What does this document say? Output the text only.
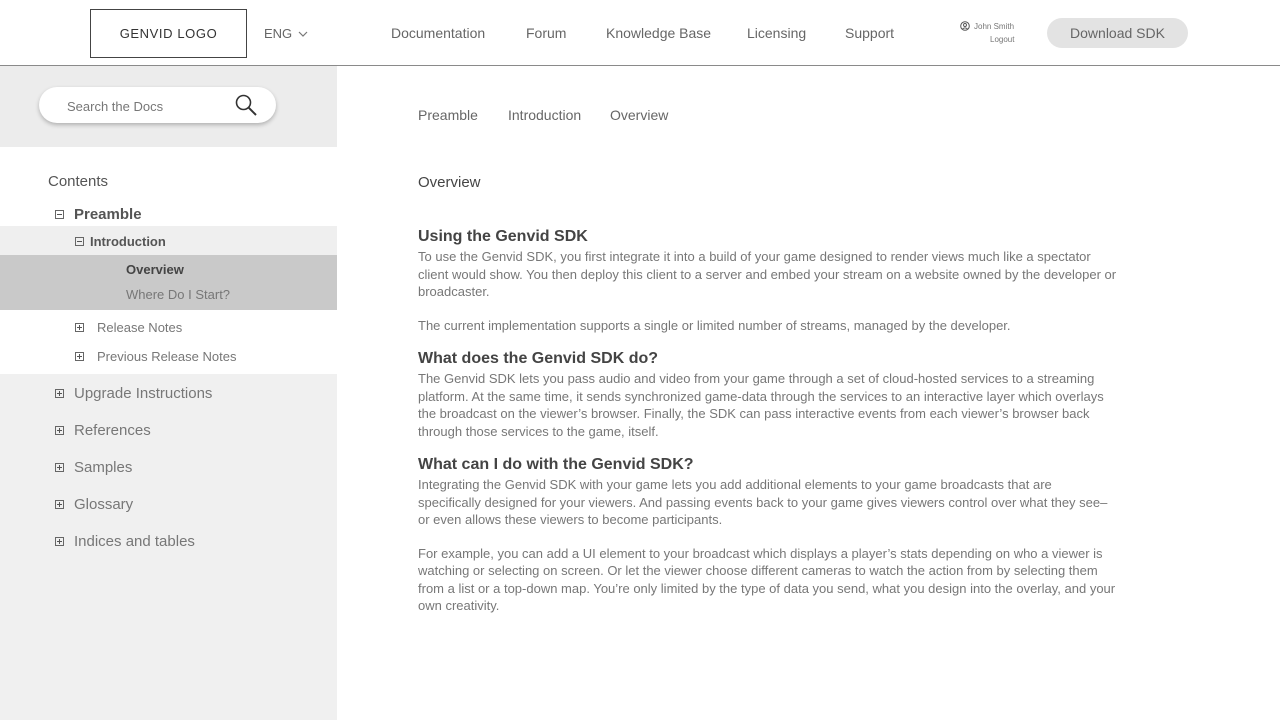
GENVID LOGO	ENG	Documentation	Forum	Knowledge Base	Licensing	Support	John Smith
Logout	Download SDK
Search the Docs
Contents
Preamble
Introduction
Overview
Where Do I Start?
Release Notes
Previous Release Notes
Upgrade Instructions
References
Samples
Glossary
Indices and tables
Preamble Introduction Overview
Overview
Using the Genvid SDK

To use the Genvid SDK, you first integrate it into a build of your game designed to render views much like a spectator client would show. You then deploy this client to a server and embed your stream on a website owned by the developer or broadcaster.

The current implementation supports a single or limited number of streams, managed by the developer.

What does the Genvid SDK do?

The Genvid SDK lets you pass audio and video from your game through a set of cloud-hosted services to a streaming platform. At the same time, it sends synchronized game-data through the services to an interactive layer which overlays the broadcast on the viewer’s browser. Finally, the SDK can pass interactive events from each viewer’s browser back through those services to the game, itself.

What can I do with the Genvid SDK?

Integrating the Genvid SDK with your game lets you add additional elements to your game broadcasts that are specifically designed for your viewers. And passing events back to your game gives viewers control over what they see–or even allows these viewers to become participants.

For example, you can add a UI element to your broadcast which displays a player’s stats depending on who a viewer is watching or selecting on screen. Or let the viewer choose different cameras to watch the action from by selecting them from a list or a top-down map. You’re only limited by the type of data you send, what you design into the overlay, and your own creativity.
